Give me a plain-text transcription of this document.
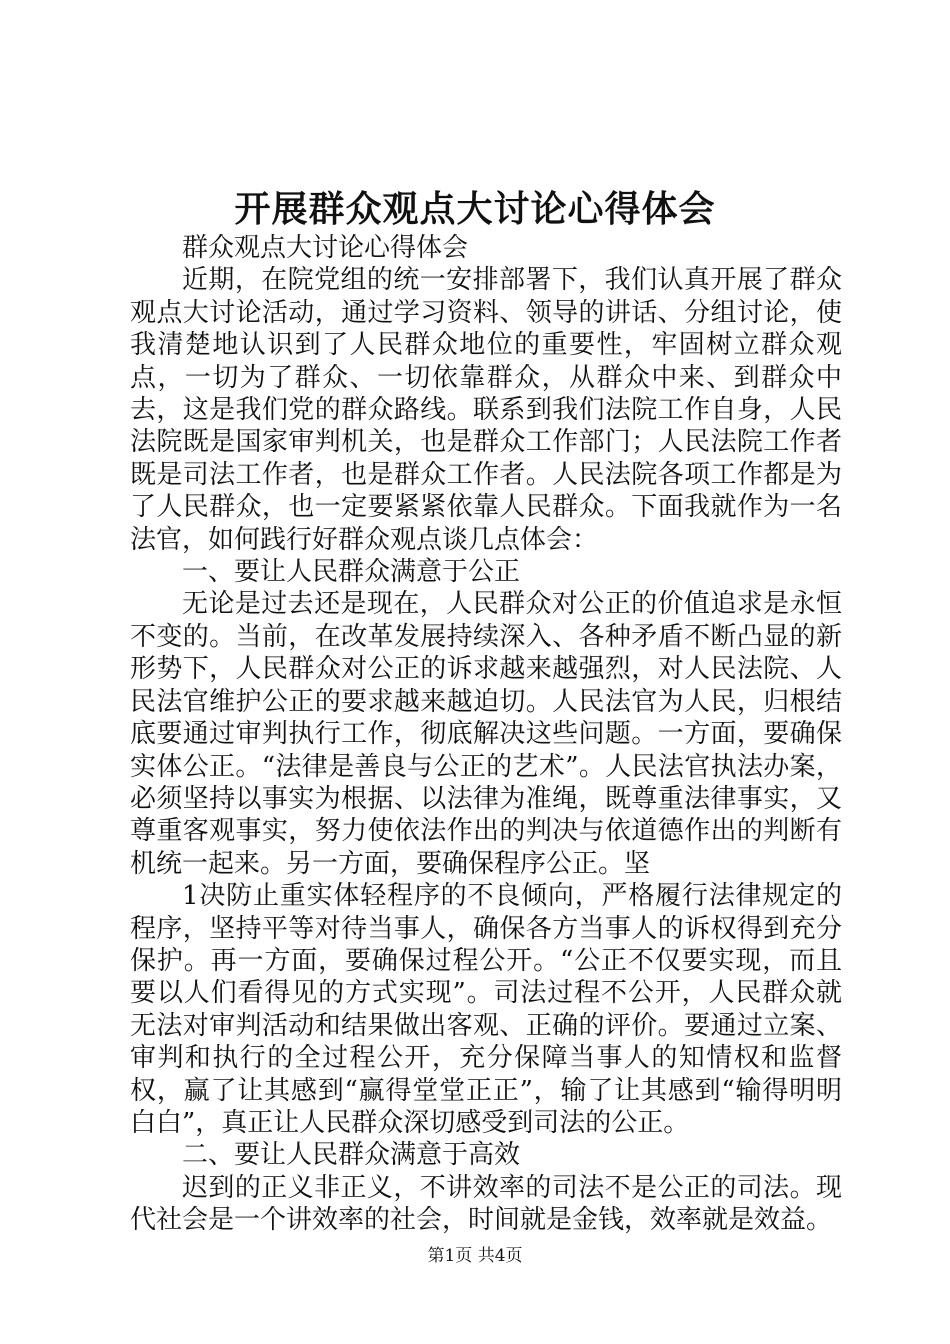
开展群众观点大讨论心得体会

群众观点大讨论心得体会

近期，在院党组的统一安排部署下，我们认真开展了群众观点大讨论活动，通过学习资料、领导的讲话、分组讨论，使我清楚地认识到了人民群众地位的重要性，牢固树立群众观点，一切为了群众、一切依靠群众，从群众中来、到群众中去，这是我们党的群众路线。联系到我们法院工作自身，人民法院既是国家审判机关，也是群众工作部门；人民法院工作者既是司法工作者，也是群众工作者。人民法院各项工作都是为了人民群众，也一定要紧紧依靠人民群众。下面我就作为一名法官，如何践行好群众观点谈几点体会：

一、要让人民群众满意于公正

无论是过去还是现在，人民群众对公正的价值追求是永恒不变的。当前，在改革发展持续深入、各种矛盾不断凸显的新形势下，人民群众对公正的诉求越来越强烈，对人民法院、人民法官维护公正的要求越来越迫切。人民法官为人民，归根结底要通过审判执行工作，彻底解决这些问题。一方面，要确保实体公正。“法律是善良与公正的艺术”。人民法官执法办案，必须坚持以事实为根据、以法律为准绳，既尊重法律事实，又尊重客观事实，努力使依法作出的判决与依道德作出的判断有机统一起来。另一方面，要确保程序公正。坚

1决防止重实体轻程序的不良倾向，严格履行法律规定的程序，坚持平等对待当事人，确保各方当事人的诉权得到充分保护。再一方面，要确保过程公开。“公正不仅要实现，而且要以人们看得见的方式实现”。司法过程不公开，人民群众就无法对审判活动和结果做出客观、正确的评价。要通过立案、审判和执行的全过程公开，充分保障当事人的知情权和监督权，赢了让其感到“赢得堂堂正正”，输了让其感到“输得明明白白”，真正让人民群众深切感受到司法的公正。

二、要让人民群众满意于高效

迟到的正义非正义，不讲效率的司法不是公正的司法。现代社会是一个讲效率的社会，时间就是金钱，效率就是效益。

第1页 共4页
